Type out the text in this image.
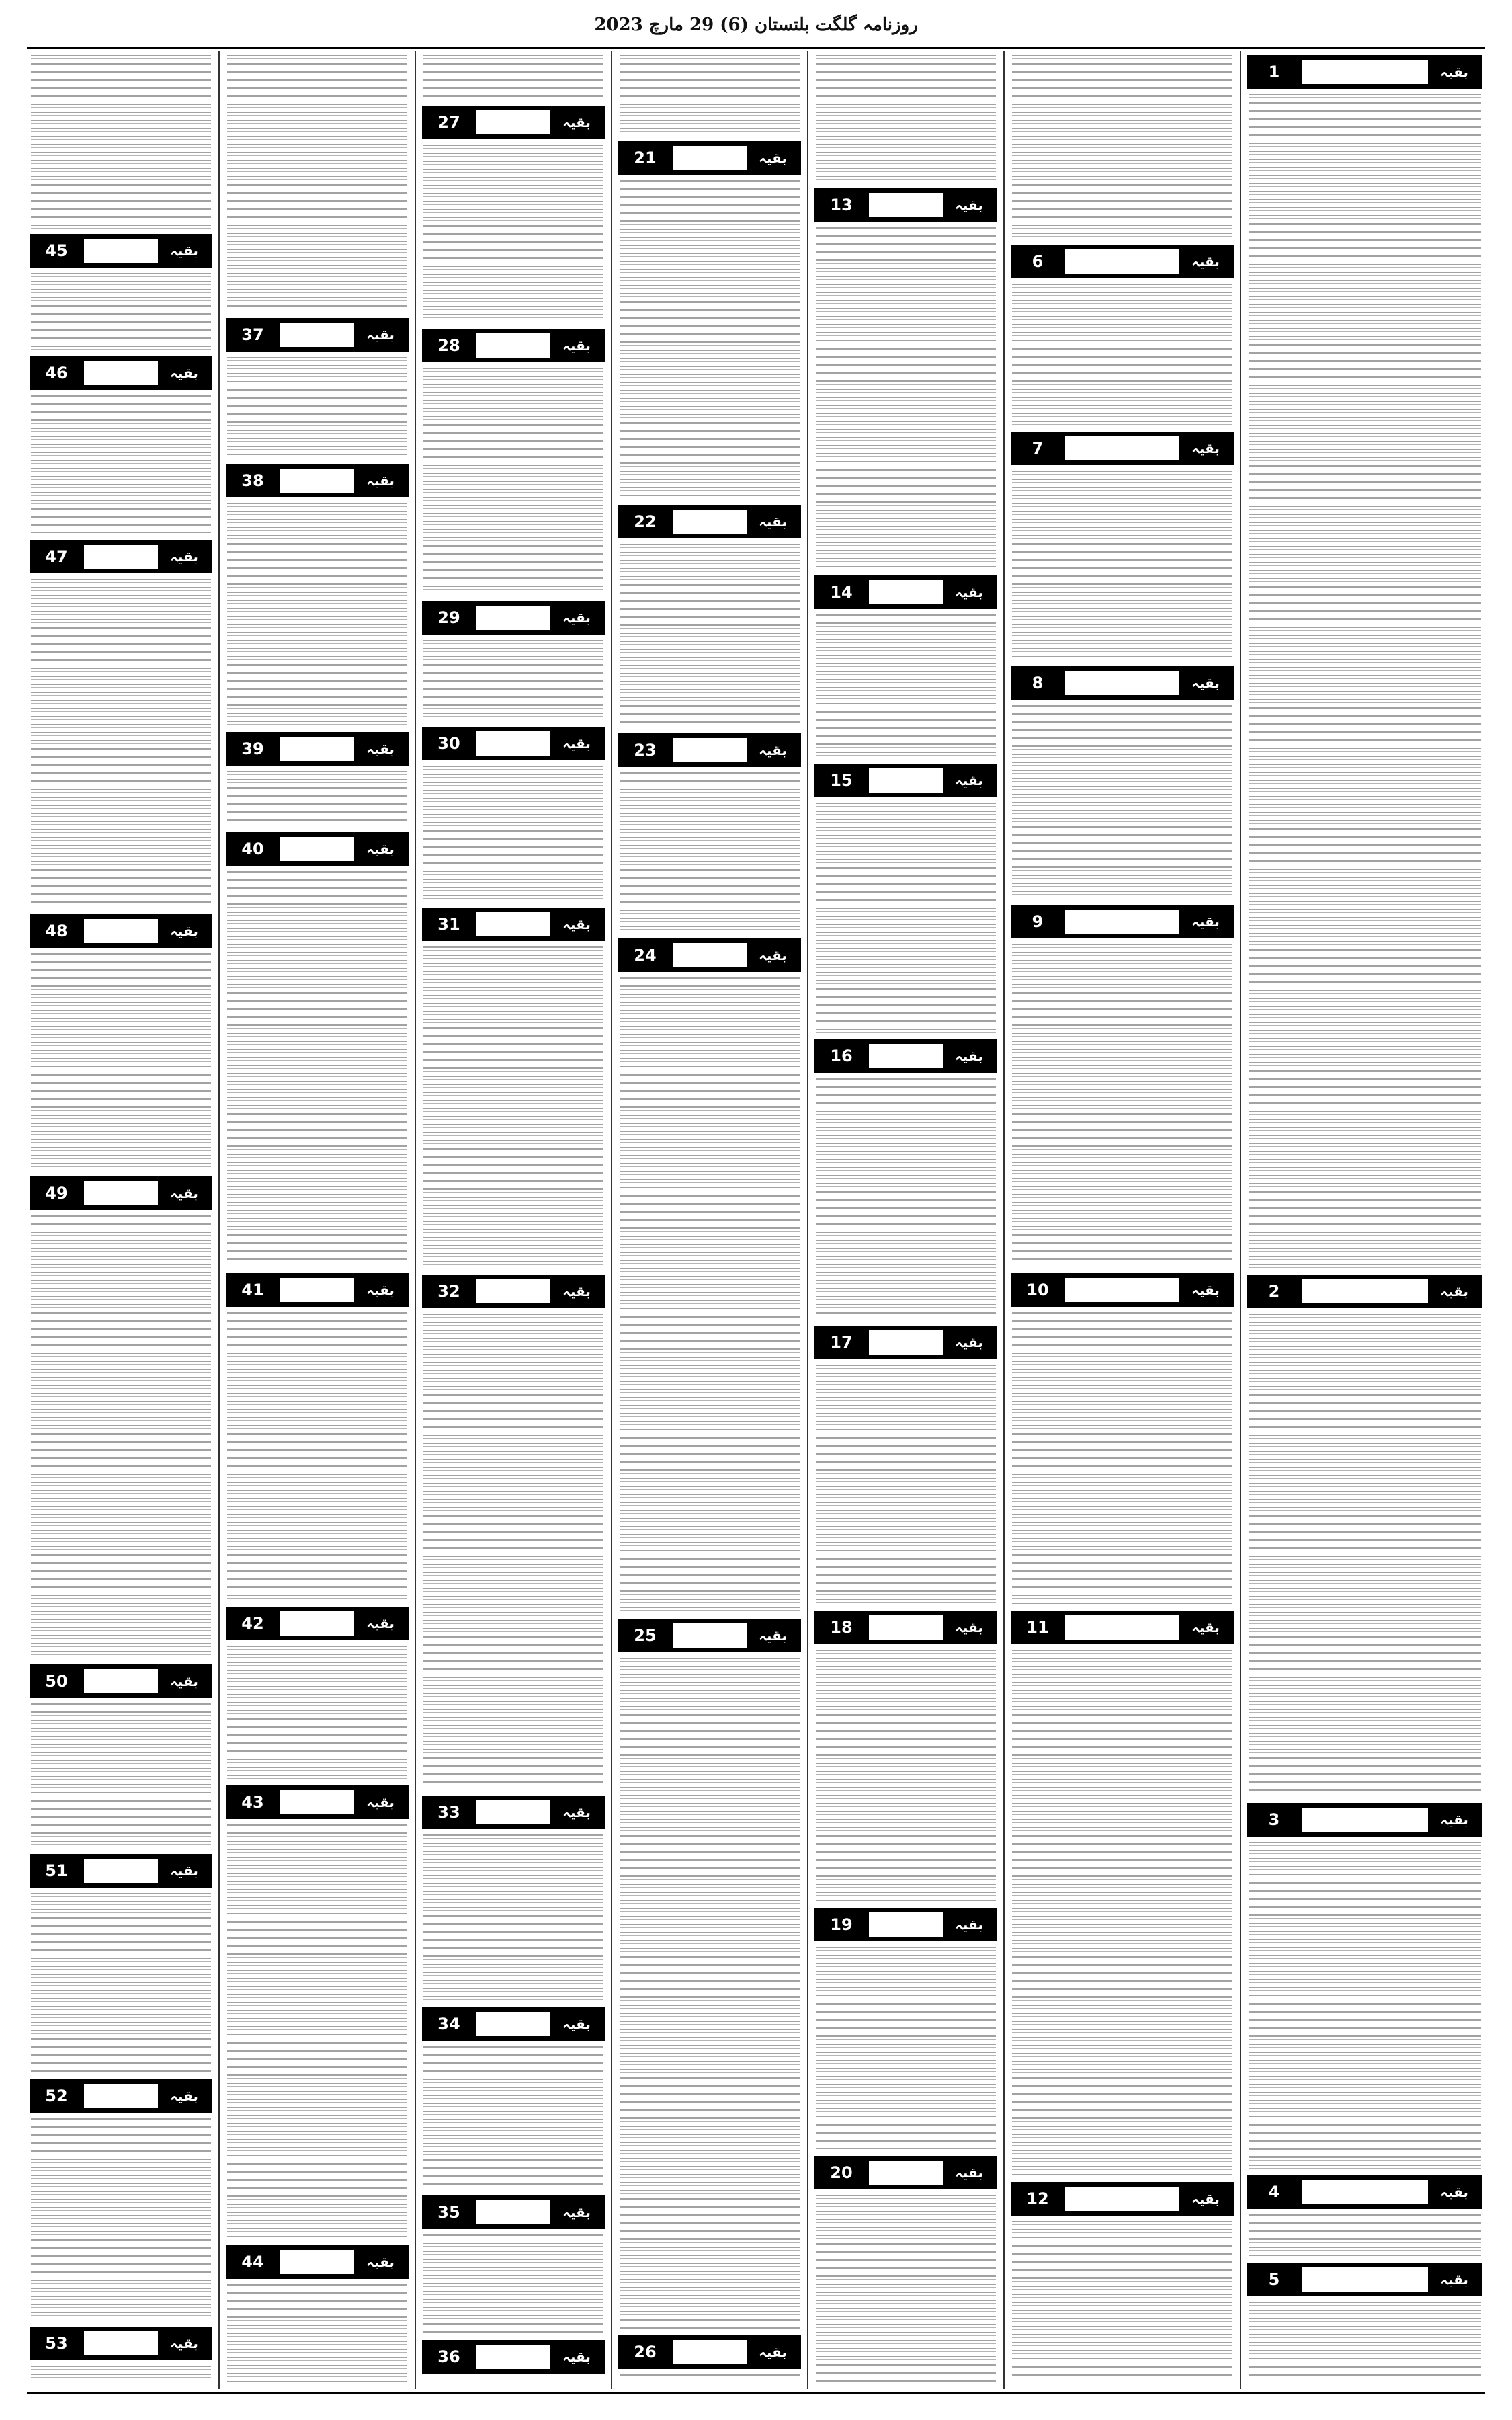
روزنامہ گلگت بلتستان (6) 29 مارچ 2023
45	بقیہ
46	بقیہ
47	بقیہ
48	بقیہ
49	بقیہ
50	بقیہ
51	بقیہ
52	بقیہ
53	بقیہ
37	بقیہ
38	بقیہ
39	بقیہ
40	بقیہ
41	بقیہ
42	بقیہ
43	بقیہ
44	بقیہ
27	بقیہ
28	بقیہ
29	بقیہ
30	بقیہ
31	بقیہ
32	بقیہ
33	بقیہ
34	بقیہ
35	بقیہ
36	بقیہ
21	بقیہ
22	بقیہ
23	بقیہ
24	بقیہ
25	بقیہ
26	بقیہ
13	بقیہ
14	بقیہ
15	بقیہ
16	بقیہ
17	بقیہ
18	بقیہ
19	بقیہ
20	بقیہ
6	بقیہ
7	بقیہ
8	بقیہ
9	بقیہ
10	بقیہ
11	بقیہ
12	بقیہ
1	بقیہ
2	بقیہ
3	بقیہ
4	بقیہ
5	بقیہ
